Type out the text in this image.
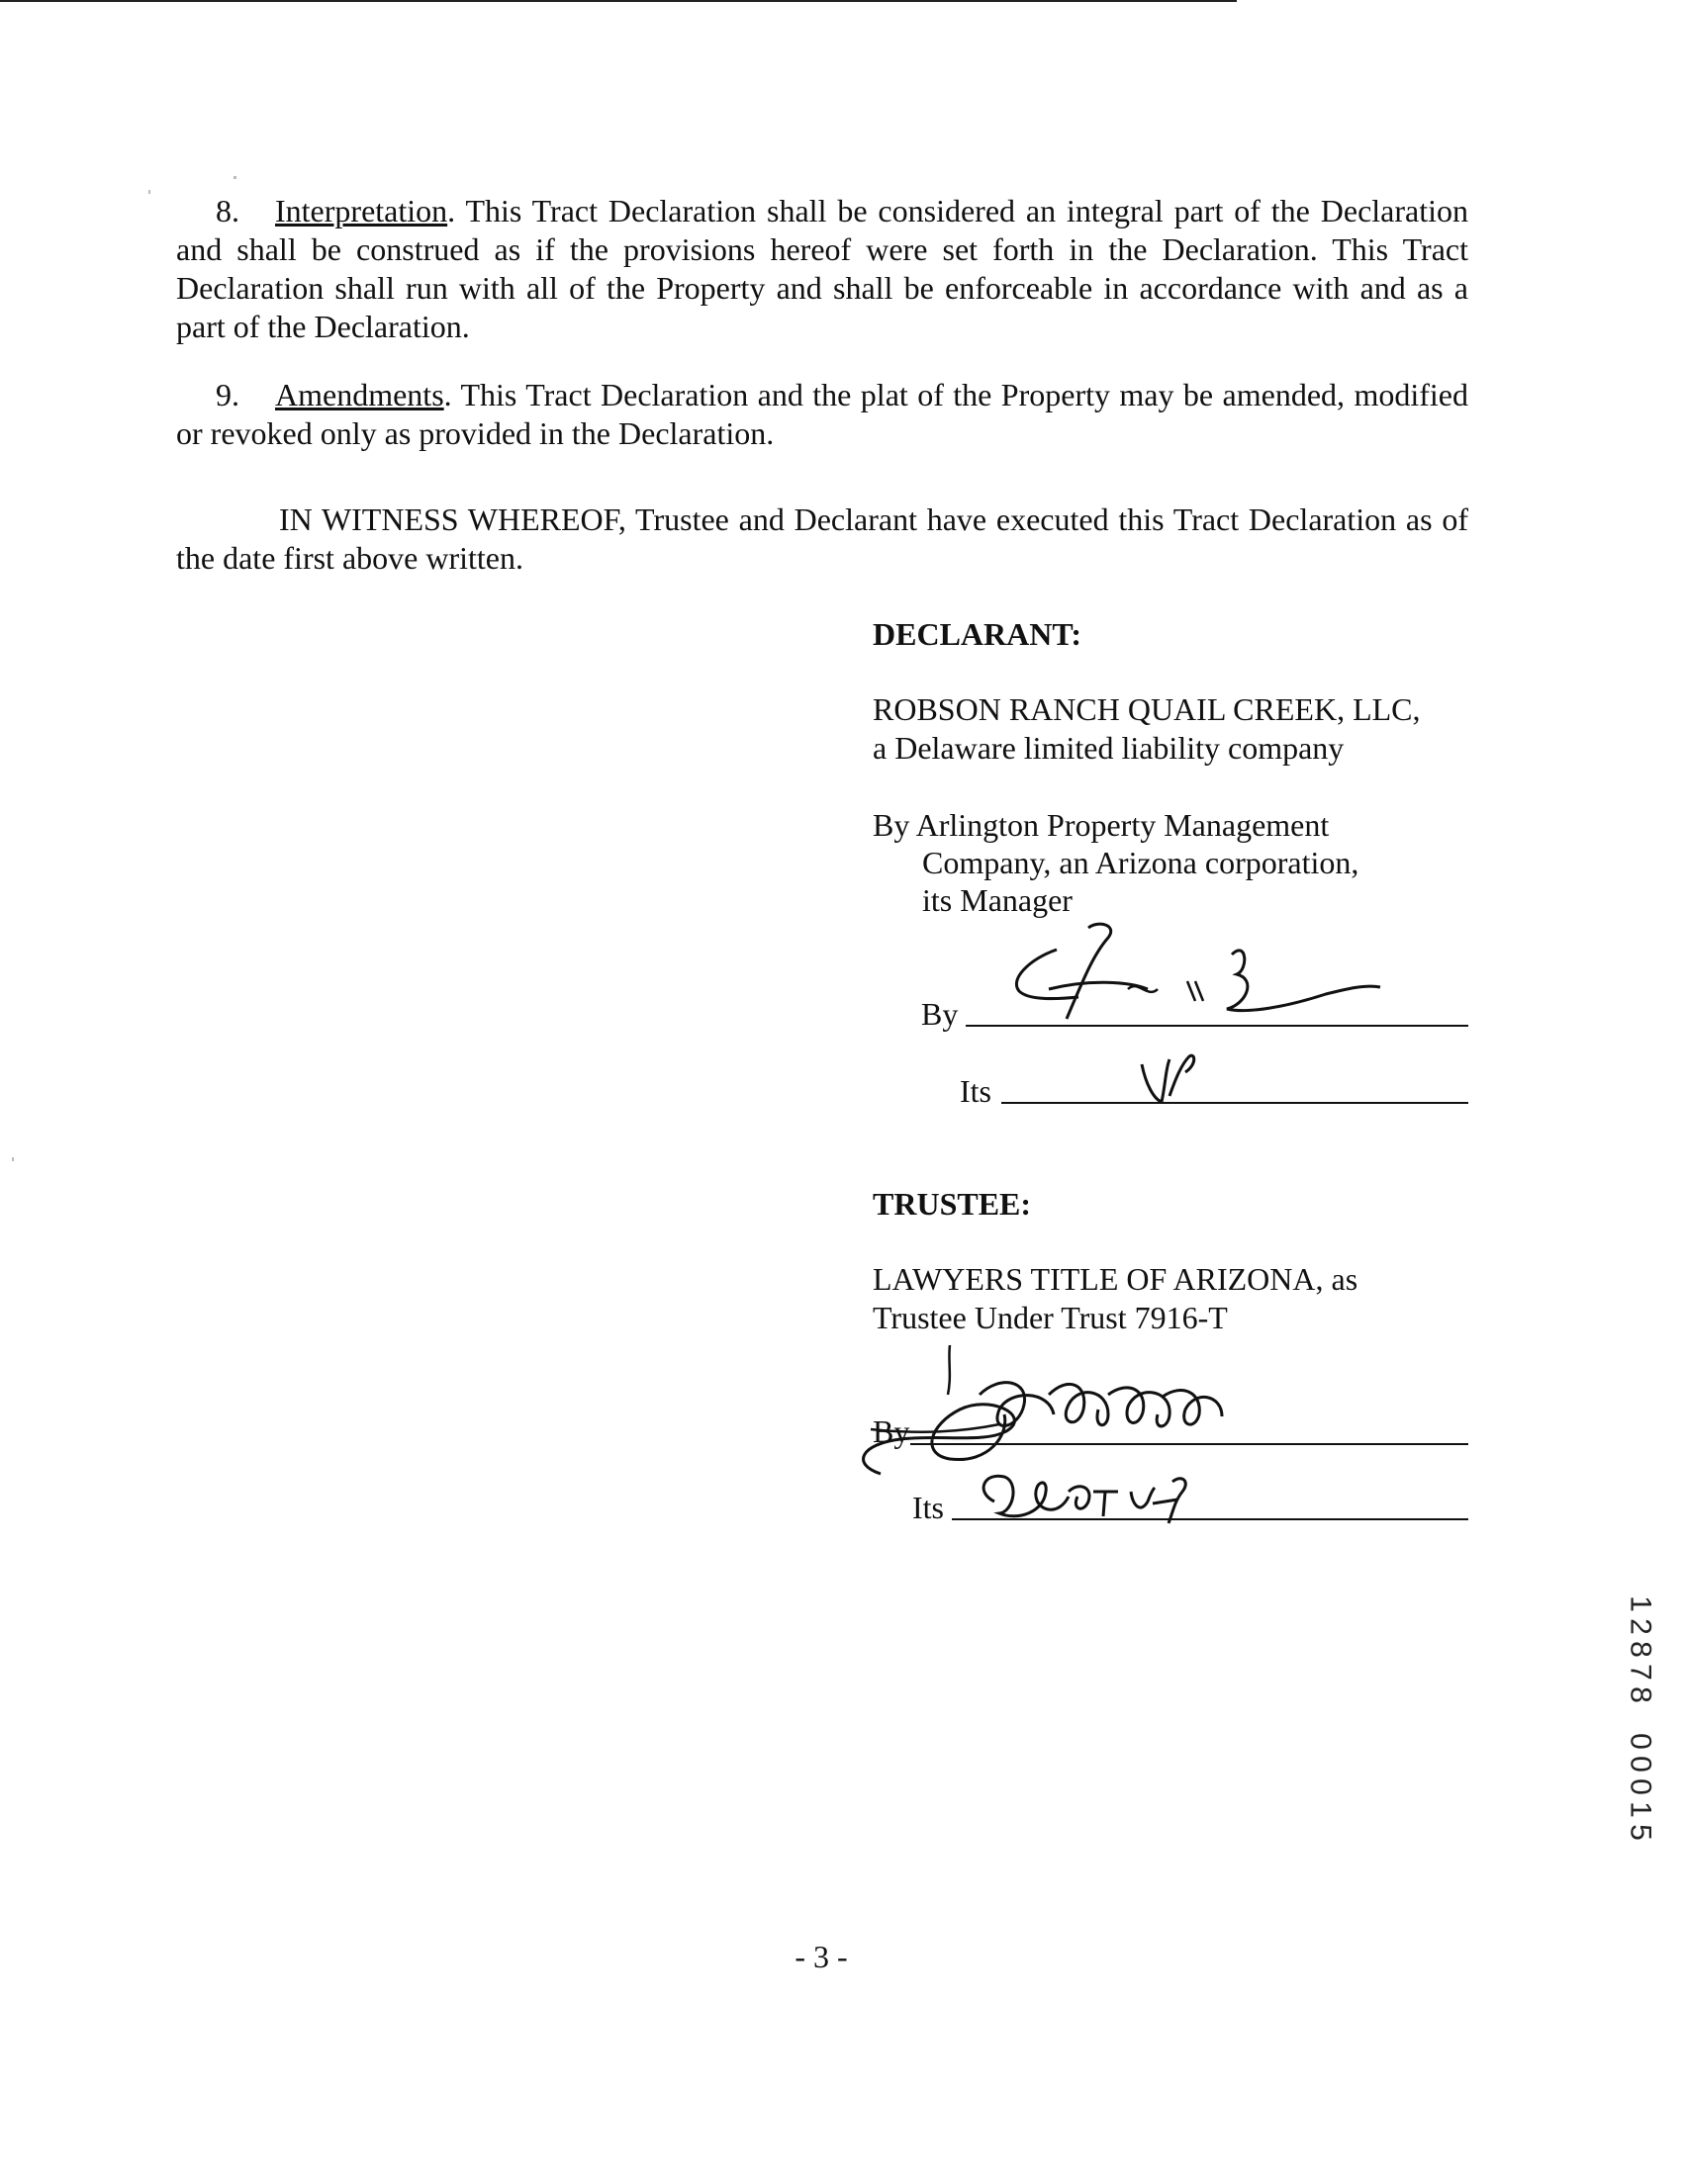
8. Interpretation. This Tract Declaration shall be considered an integral part of the Declaration and shall be construed as if the provisions hereof were set forth in the Declaration. This Tract Declaration shall run with all of the Property and shall be enforceable in accordance with and as a part of the Declaration.
9. Amendments. This Tract Declaration and the plat of the Property may be amended, modified or revoked only as provided in the Declaration.
IN WITNESS WHEREOF, Trustee and Declarant have executed this Tract Declaration as of the date first above written.
DECLARANT:
ROBSON RANCH QUAIL CREEK, LLC,
a Delaware limited liability company
By Arlington Property Management
Company, an Arizona corporation,
its Manager
By
Its
TRUSTEE:
LAWYERS TITLE OF ARIZONA, as
Trustee Under Trust 7916-T
By
Its
1
2
8
7
8
0
0
0
1
5
- 3 -
